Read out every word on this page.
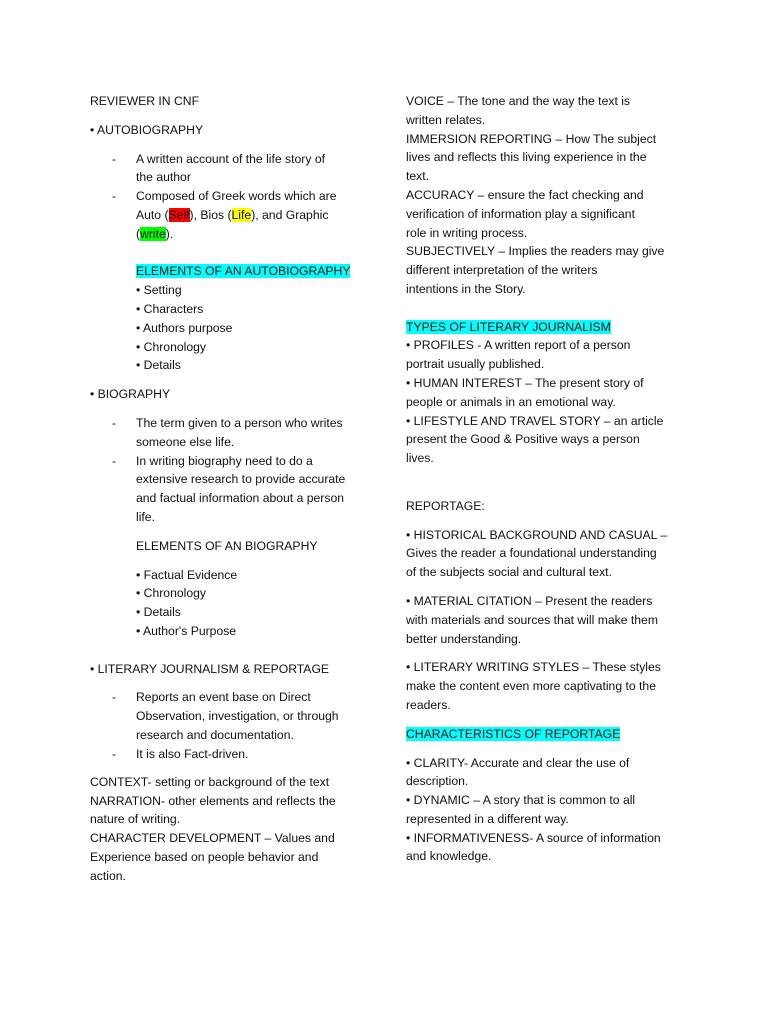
REVIEWER IN CNF

• AUTOBIOGRAPHY

- A written account of the life story of
the author
- Composed of Greek words which are
Auto (Self), Bios (Life), and Graphic
(write).
ELEMENTS OF AN AUTOBIOGRAPHY
• Setting
• Characters
• Authors purpose
• Chronology
• Details

• BIOGRAPHY

- The term given to a person who writes
someone else life.
- In writing biography need to do a
extensive research to provide accurate
and factual information about a person
life.
ELEMENTS OF AN BIOGRAPHY
• Factual Evidence
• Chronology
• Details
• Author's Purpose

• LITERARY JOURNALISM & REPORTAGE

- Reports an event base on Direct
Observation, investigation, or through
research and documentation.
- It is also Fact-driven.

CONTEXT- setting or background of the text

NARRATION- other elements and reflects the

nature of writing.

CHARACTER DEVELOPMENT – Values and

Experience based on people behavior and

action.

VOICE – The tone and the way the text is

written relates.

IMMERSION REPORTING – How The subject

lives and reflects this living experience in the

text.

ACCURACY – ensure the fact checking and

verification of information play a significant

role in writing process.

SUBJECTIVELY – Implies the readers may give

different interpretation of the writers

intentions in the Story.

TYPES OF LITERARY JOURNALISM

• PROFILES - A written report of a person

portrait usually published.

• HUMAN INTEREST – The present story of

people or animals in an emotional way.

• LIFESTYLE AND TRAVEL STORY – an article

present the Good & Positive ways a person

lives.

REPORTAGE:

• HISTORICAL BACKGROUND AND CASUAL –

Gives the reader a foundational understanding

of the subjects social and cultural text.

• MATERIAL CITATION – Present the readers

with materials and sources that will make them

better understanding.

• LITERARY WRITING STYLES – These styles

make the content even more captivating to the

readers.

CHARACTERISTICS OF REPORTAGE

• CLARITY- Accurate and clear the use of

description.

• DYNAMIC – A story that is common to all

represented in a different way.

• INFORMATIVENESS- A source of information

and knowledge.
